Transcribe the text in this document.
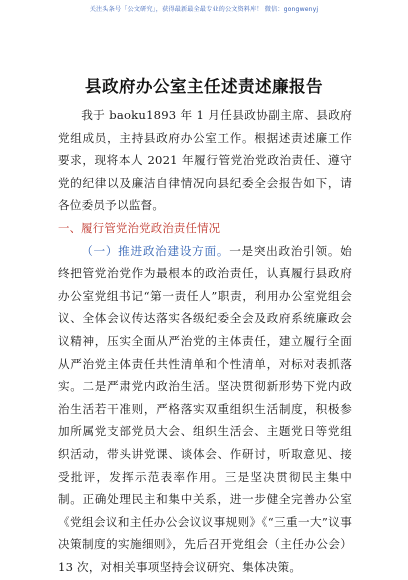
关注头条号「公文研究」，获得最新最全最专业的公文资料库！ 微信：gongwenyj
县政府办公室主任述责述廉报告

我于 baoku1893 年 1 月任县政协副主席、县政府党组成员，主持县政府办公室工作。根据述责述廉工作要求，现将本人 2021 年履行管党治党政治责任、遵守党的纪律以及廉洁自律情况向县纪委全会报告如下，请各位委员予以监督。

一、履行管党治党政治责任情况

（一）推进政治建设方面。一是突出政治引领。始终把管党治党作为最根本的政治责任，认真履行县政府办公室党组书记“第一责任人”职责，利用办公室党组会议、全体会议传达落实各级纪委全会及政府系统廉政会议精神，压实全面从严治党的主体责任，建立履行全面从严治党主体责任共性清单和个性清单，对标对表抓落实。二是严肃党内政治生活。坚决贯彻新形势下党内政治生活若干准则，严格落实双重组织生活制度，积极参加所属党支部党员大会、组织生活会、主题党日等党组织活动，带头讲党课、谈体会、作研讨，听取意见、接受批评，发挥示范表率作用。三是坚决贯彻民主集中制。正确处理民主和集中关系，进一步健全完善办公室《党组会议和主任办公会议议事规则》《“三重一大”议事决策制度的实施细则》，先后召开党组会（主任办公会）13 次，对相关事项坚持会议研究、集体决策。
